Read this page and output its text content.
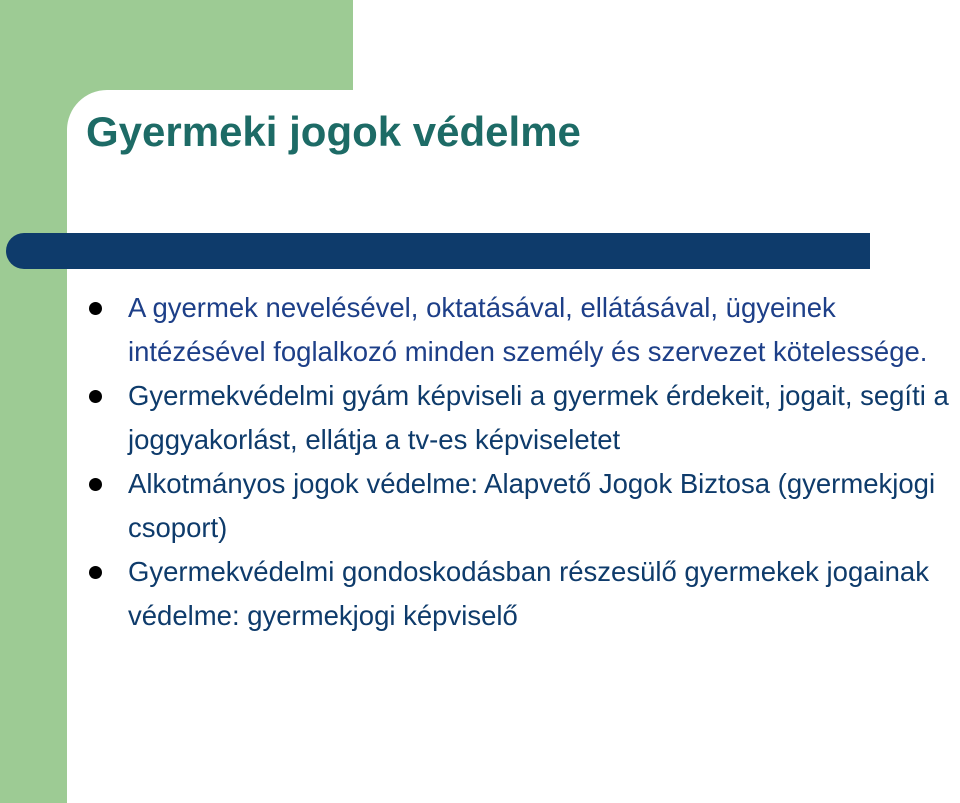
Gyermeki jogok védelme
A gyermek nevelésével, oktatásával, ellátásával, ügyeinek intézésével foglalkozó minden személy és szervezet kötelessége.
Gyermekvédelmi gyám képviseli a gyermek érdekeit, jogait, segíti a joggyakorlást, ellátja a tv-es képviseletet
Alkotmányos jogok védelme: Alapvető Jogok Biztosa (gyermekjogi csoport)
Gyermekvédelmi gondoskodásban részesülő gyermekek jogainak védelme: gyermekjogi képviselő
